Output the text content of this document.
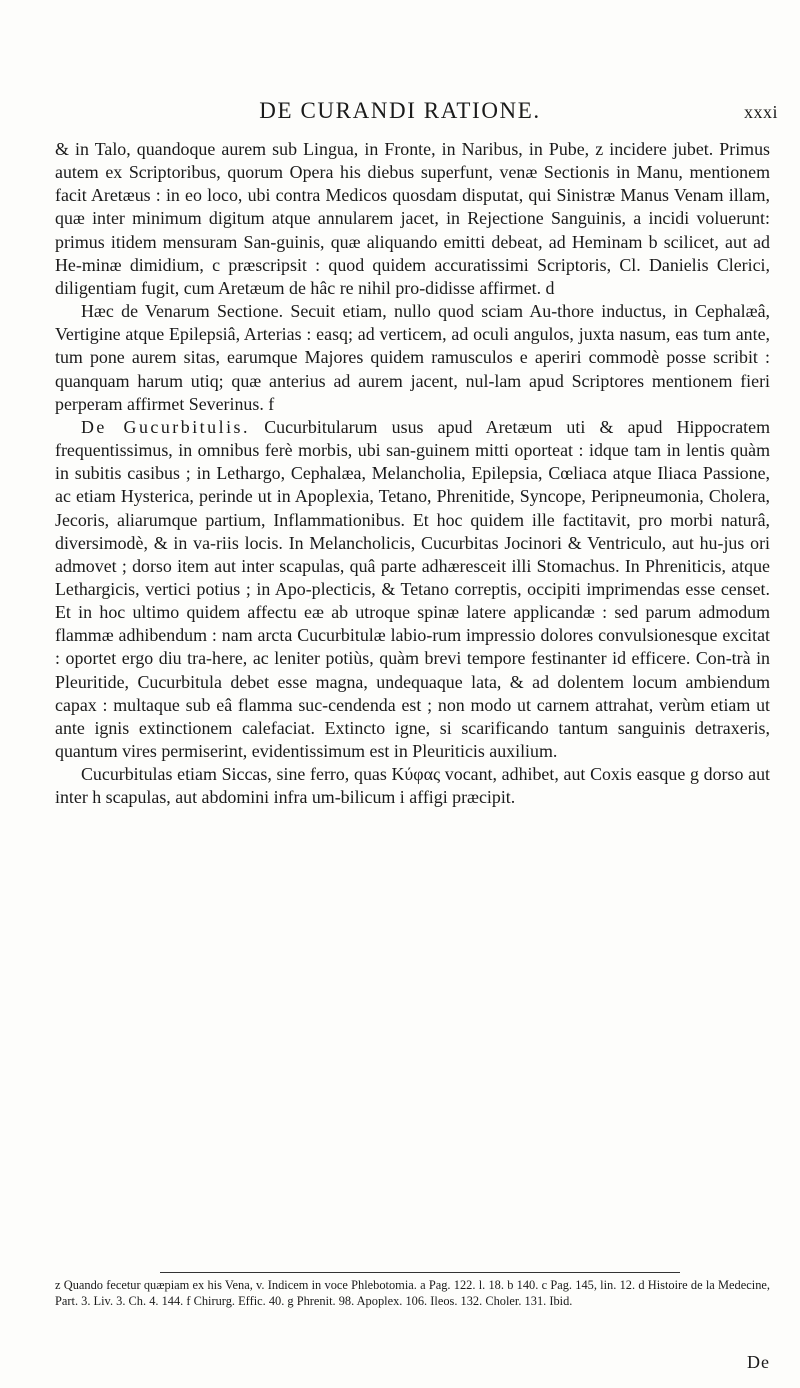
DE CURANDI RATIONE.	xxxi

& in Talo, quandoque aurem sub Lingua, in Fronte, in Naribus, in Pube, z incidere jubet. Primus autem ex Scriptoribus, quorum Opera his diebus superfunt, venæ Sectionis in Manu, mentionem facit Aretæus : in eo loco, ubi contra Medicos quosdam disputat, qui Sinistræ Manus Venam illam, quæ inter minimum digitum atque annularem jacet, in Rejectione Sanguinis, a incidi voluerunt: primus itidem mensuram San-guinis, quæ aliquando emitti debeat, ad Heminam b scilicet, aut ad He-minæ dimidium, c præscripsit : quod quidem accuratissimi Scriptoris, Cl. Danielis Clerici, diligentiam fugit, cum Aretæum de hâc re nihil pro-didisse affirmet. d

Hæc de Venarum Sectione. Secuit etiam, nullo quod sciam Au-thore inductus, in Cephalæâ, Vertigine atque Epilepsiâ, Arterias : easq; ad verticem, ad oculi angulos, juxta nasum, eas tum ante, tum pone aurem sitas, earumque Majores quidem ramusculos e aperiri commodè posse scribit : quanquam harum utiq; quæ anterius ad aurem jacent, nul-lam apud Scriptores mentionem fieri perperam affirmet Severinus. f

De Gucurbitulis. Cucurbitularum usus apud Aretæum uti & apud Hippocratem frequentissimus, in omnibus ferè morbis, ubi san-guinem mitti oporteat : idque tam in lentis quàm in subitis casibus ; in Lethargo, Cephalæa, Melancholia, Epilepsia, Cœliaca atque Iliaca Passione, ac etiam Hysterica, perinde ut in Apoplexia, Tetano, Phrenitide, Syncope, Peripneumonia, Cholera, Jecoris, aliarumque partium, Inflammationibus. Et hoc quidem ille factitavit, pro morbi naturâ, diversimodè, & in va-riis locis. In Melancholicis, Cucurbitas Jocinori & Ventriculo, aut hu-jus ori admovet ; dorso item aut inter scapulas, quâ parte adhæresceit illi Stomachus. In Phreniticis, atque Lethargicis, vertici potius ; in Apo-plecticis, & Tetano correptis, occipiti imprimendas esse censet. Et in hoc ultimo quidem affectu eæ ab utroque spinæ latere applicandæ : sed parum admodum flammæ adhibendum : nam arcta Cucurbitulæ labio-rum impressio dolores convulsionesque excitat : oportet ergo diu tra-here, ac leniter potiùs, quàm brevi tempore festinanter id efficere. Con-trà in Pleuritide, Cucurbitula debet esse magna, undequaque lata, & ad dolentem locum ambiendum capax : multaque sub eâ flamma suc-cendenda est ; non modo ut carnem attrahat, verùm etiam ut ante ignis extinctionem calefaciat. Extincto igne, si scarificando tantum sanguinis detraxeris, quantum vires permiserint, evidentissimum est in Pleuriticis auxilium.

Cucurbitulas etiam Siccas, sine ferro, quas Κύφας vocant, adhibet, aut Coxis easque g dorso aut inter h scapulas, aut abdomini infra um-bilicum i affigi præcipit.

z Quando fecetur quæpiam ex his Vena, v. Indicem in voce Phlebotomia. a Pag. 122. l. 18. b 140. c Pag. 145, lin. 12. d Histoire de la Medecine, Part. 3. Liv. 3. Ch. 4. 144. f Chirurg. Effic. 40. g Phrenit. 98. Apoplex. 106. Ileos. 132. Choler. 131. Ibid.
De
